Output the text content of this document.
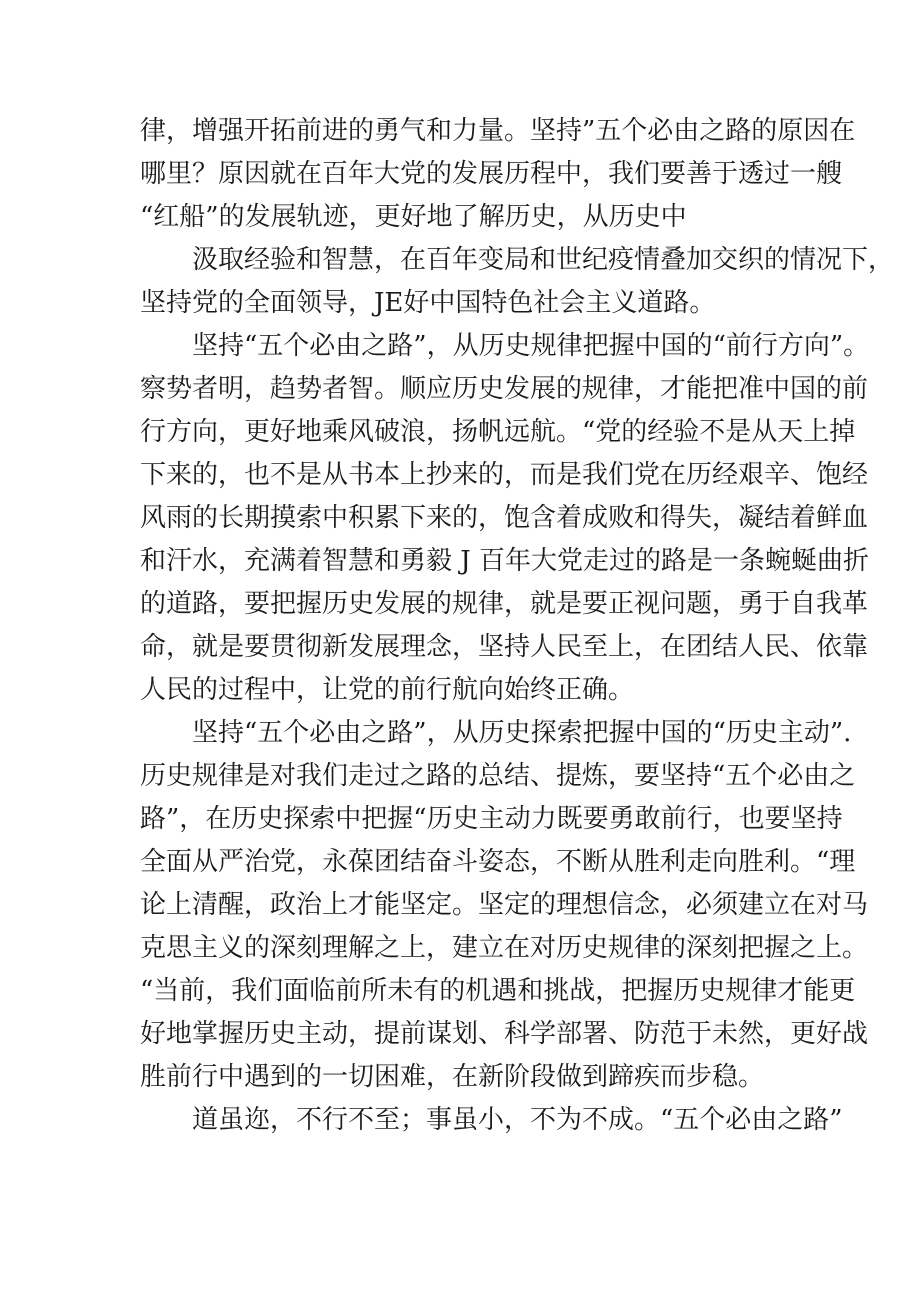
律，增强开拓前进的勇气和力量。坚持”五个必由之路的原因在
哪里？原因就在百年大党的发展历程中，我们要善于透过一艘
“红船”的发展轨迹，更好地了解历史，从历史中
汲取经验和智慧，在百年变局和世纪疫情叠加交织的情况下，
坚持党的全面领导，JE好中国特色社会主义道路。
坚持“五个必由之路”，从历史规律把握中国的“前行方向”。
察势者明，趋势者智。顺应历史发展的规律，才能把准中国的前
行方向，更好地乘风破浪，扬帆远航。“党的经验不是从天上掉
下来的，也不是从书本上抄来的，而是我们党在历经艰辛、饱经
风雨的长期摸索中积累下来的，饱含着成败和得失，凝结着鲜血
和汗水，充满着智慧和勇毅 J 百年大党走过的路是一条蜿蜒曲折
的道路，要把握历史发展的规律，就是要正视问题，勇于自我革
命，就是要贯彻新发展理念，坚持人民至上，在团结人民、依靠
人民的过程中，让党的前行航向始终正确。
坚持“五个必由之路”，从历史探索把握中国的“历史主动”.
历史规律是对我们走过之路的总结、提炼，要坚持“五个必由之
路”，在历史探索中把握“历史主动力既要勇敢前行，也要坚持
全面从严治党，永葆团结奋斗姿态，不断从胜利走向胜利。“理
论上清醒，政治上才能坚定。坚定的理想信念，必须建立在对马
克思主义的深刻理解之上，建立在对历史规律的深刻把握之上。
“当前，我们面临前所未有的机遇和挑战，把握历史规律才能更
好地掌握历史主动，提前谋划、科学部署、防范于未然，更好战
胜前行中遇到的一切困难，在新阶段做到蹄疾而步稳。
道虽迩，不行不至；事虽小，不为不成。“五个必由之路”
